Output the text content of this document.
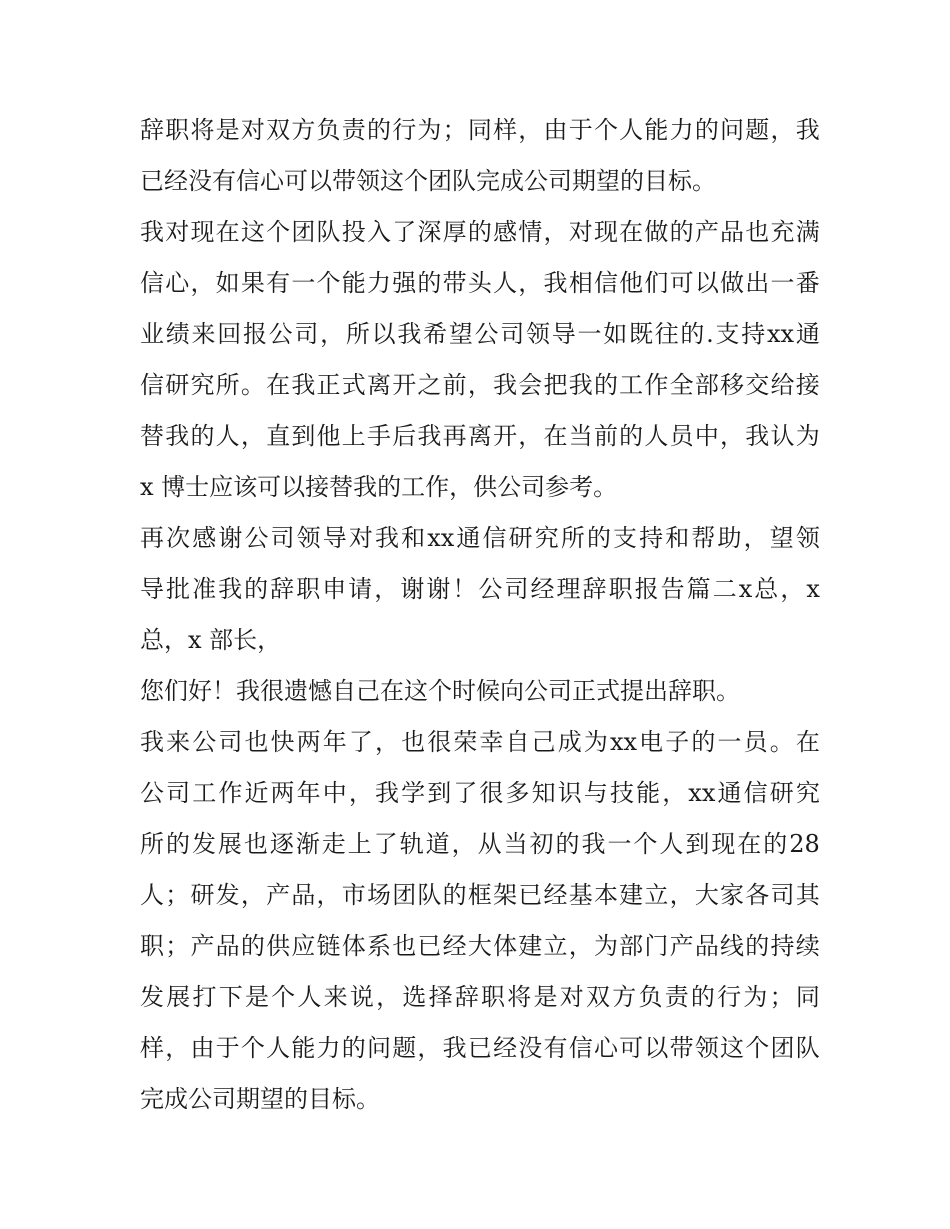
辞 职 将 是 对 双 方 负 责 的 行 为 ； 同 样 ， 由 于 个 人 能 力 的 问 题 ， 我
已经没有信心可以带领这个团队完成公司期望的目标。
我 对 现 在 这 个 团 队 投 入 了 深 厚 的 感 情 ， 对 现 在 做 的 产 品 也 充 满
信 心 ， 如 果 有 一 个 能 力 强 的 带 头 人 ， 我 相 信 他 们 可 以 做 出 一 番
业 绩 来 回 报 公 司 ， 所 以 我 希 望 公 司 领 导 一 如 既 往 的 . 支 持 xx 通
信 研 究 所 。 在 我 正 式 离 开 之 前 ， 我 会 把 我 的 工 作 全 部 移 交 给 接
替 我 的 人 ， 直 到 他 上 手 后 我 再 离 开 ， 在 当 前 的 人 员 中 ， 我 认 为
x 博士应该可以接替我的工作，供公司参考。
再 次 感 谢 公 司 领 导 对 我 和 xx 通 信 研 究 所 的 支 持 和 帮 助 ， 望 领
导 批 准 我 的 辞 职 申 请 ， 谢 谢 ！ 公 司 经 理 辞 职 报 告 篇 二 x 总 ， x
总，x 部长，
您们好！我很遗憾自己在这个时候向公司正式提出辞职。
我 来 公 司 也 快 两 年 了 ， 也 很 荣 幸 自 己 成 为 xx 电 子 的 一 员 。 在
公 司 工 作 近 两 年 中 ， 我 学 到 了 很 多 知 识 与 技 能 ， xx 通 信 研 究
所 的 发 展 也 逐 渐 走 上 了 轨 道 ， 从 当 初 的 我 一 个 人 到 现 在 的 28
人 ； 研 发 ， 产 品 ， 市 场 团 队 的 框 架 已 经 基 本 建 立 ， 大 家 各 司 其
职 ； 产 品 的 供 应 链 体 系 也 已 经 大 体 建 立 ， 为 部 门 产 品 线 的 持 续
发 展 打 下 是 个 人 来 说 ， 选 择 辞 职 将 是 对 双 方 负 责 的 行 为 ； 同
样 ， 由 于 个 人 能 力 的 问 题 ， 我 已 经 没 有 信 心 可 以 带 领 这 个 团 队
完成公司期望的目标。
